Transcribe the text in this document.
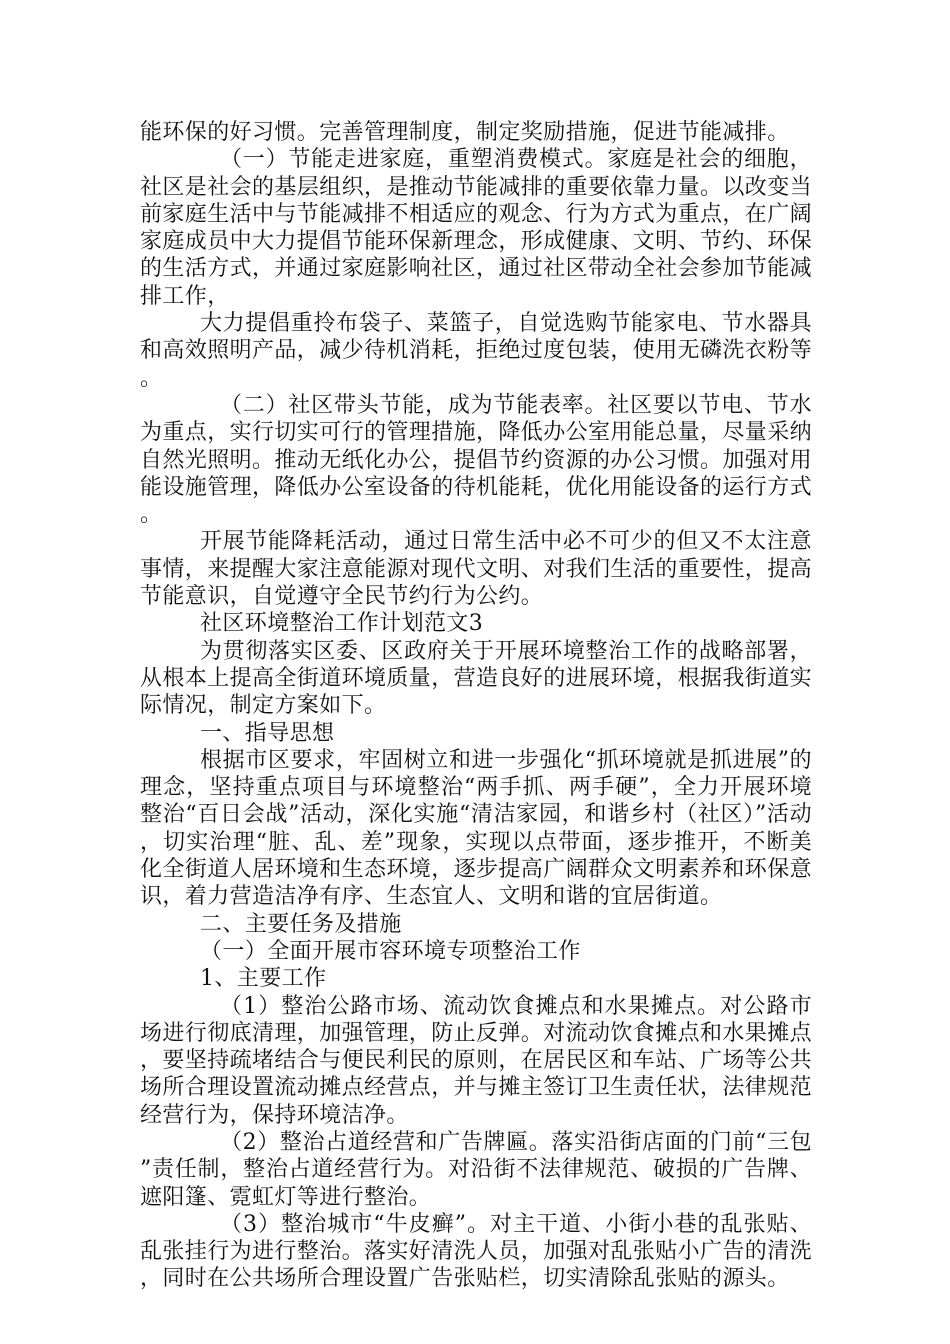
能环保的好习惯。完善管理制度，制定奖励措施，促进节能减排。

（一）节能走进家庭，重塑消费模式。家庭是社会的细胞，社区是社会的基层组织，是推动节能减排的重要依靠力量。以改变当前家庭生活中与节能减排不相适应的观念、行为方式为重点，在广阔家庭成员中大力提倡节能环保新理念，形成健康、文明、节约、环保的生活方式，并通过家庭影响社区，通过社区带动全社会参加节能减排工作，

大力提倡重拎布袋子、菜篮子，自觉选购节能家电、节水器具和高效照明产品，减少待机消耗，拒绝过度包装，使用无磷洗衣粉等。

（二）社区带头节能，成为节能表率。社区要以节电、节水为重点，实行切实可行的管理措施，降低办公室用能总量，尽量采纳自然光照明。推动无纸化办公，提倡节约资源的办公习惯。加强对用能设施管理，降低办公室设备的待机能耗，优化用能设备的运行方式。

开展节能降耗活动，通过日常生活中必不可少的但又不太注意事情，来提醒大家注意能源对现代文明、对我们生活的重要性，提高节能意识，自觉遵守全民节约行为公约。

社区环境整治工作计划范文3

为贯彻落实区委、区政府关于开展环境整治工作的战略部署，从根本上提高全街道环境质量，营造良好的进展环境，根据我街道实际情况，制定方案如下。

一、指导思想

根据市区要求，牢固树立和进一步强化“抓环境就是抓进展”的理念，坚持重点项目与环境整治“两手抓、两手硬”，全力开展环境整治“百日会战”活动，深化实施“清洁家园，和谐乡村（社区）”活动，切实治理“脏、乱、差”现象，实现以点带面，逐步推开，不断美化全街道人居环境和生态环境，逐步提高广阔群众文明素养和环保意识，着力营造洁净有序、生态宜人、文明和谐的宜居街道。

二、主要任务及措施

（一）全面开展市容环境专项整治工作

1、主要工作

（1）整治公路市场、流动饮食摊点和水果摊点。对公路市场进行彻底清理，加强管理，防止反弹。对流动饮食摊点和水果摊点，要坚持疏堵结合与便民利民的原则，在居民区和车站、广场等公共场所合理设置流动摊点经营点，并与摊主签订卫生责任状，法律规范经营行为，保持环境洁净。

（2）整治占道经营和广告牌匾。落实沿街店面的门前“三包”责任制，整治占道经营行为。对沿街不法律规范、破损的广告牌、遮阳篷、霓虹灯等进行整治。

（3）整治城市“牛皮癣”。对主干道、小街小巷的乱张贴、乱张挂行为进行整治。落实好清洗人员，加强对乱张贴小广告的清洗，同时在公共场所合理设置广告张贴栏，切实清除乱张贴的源头。
